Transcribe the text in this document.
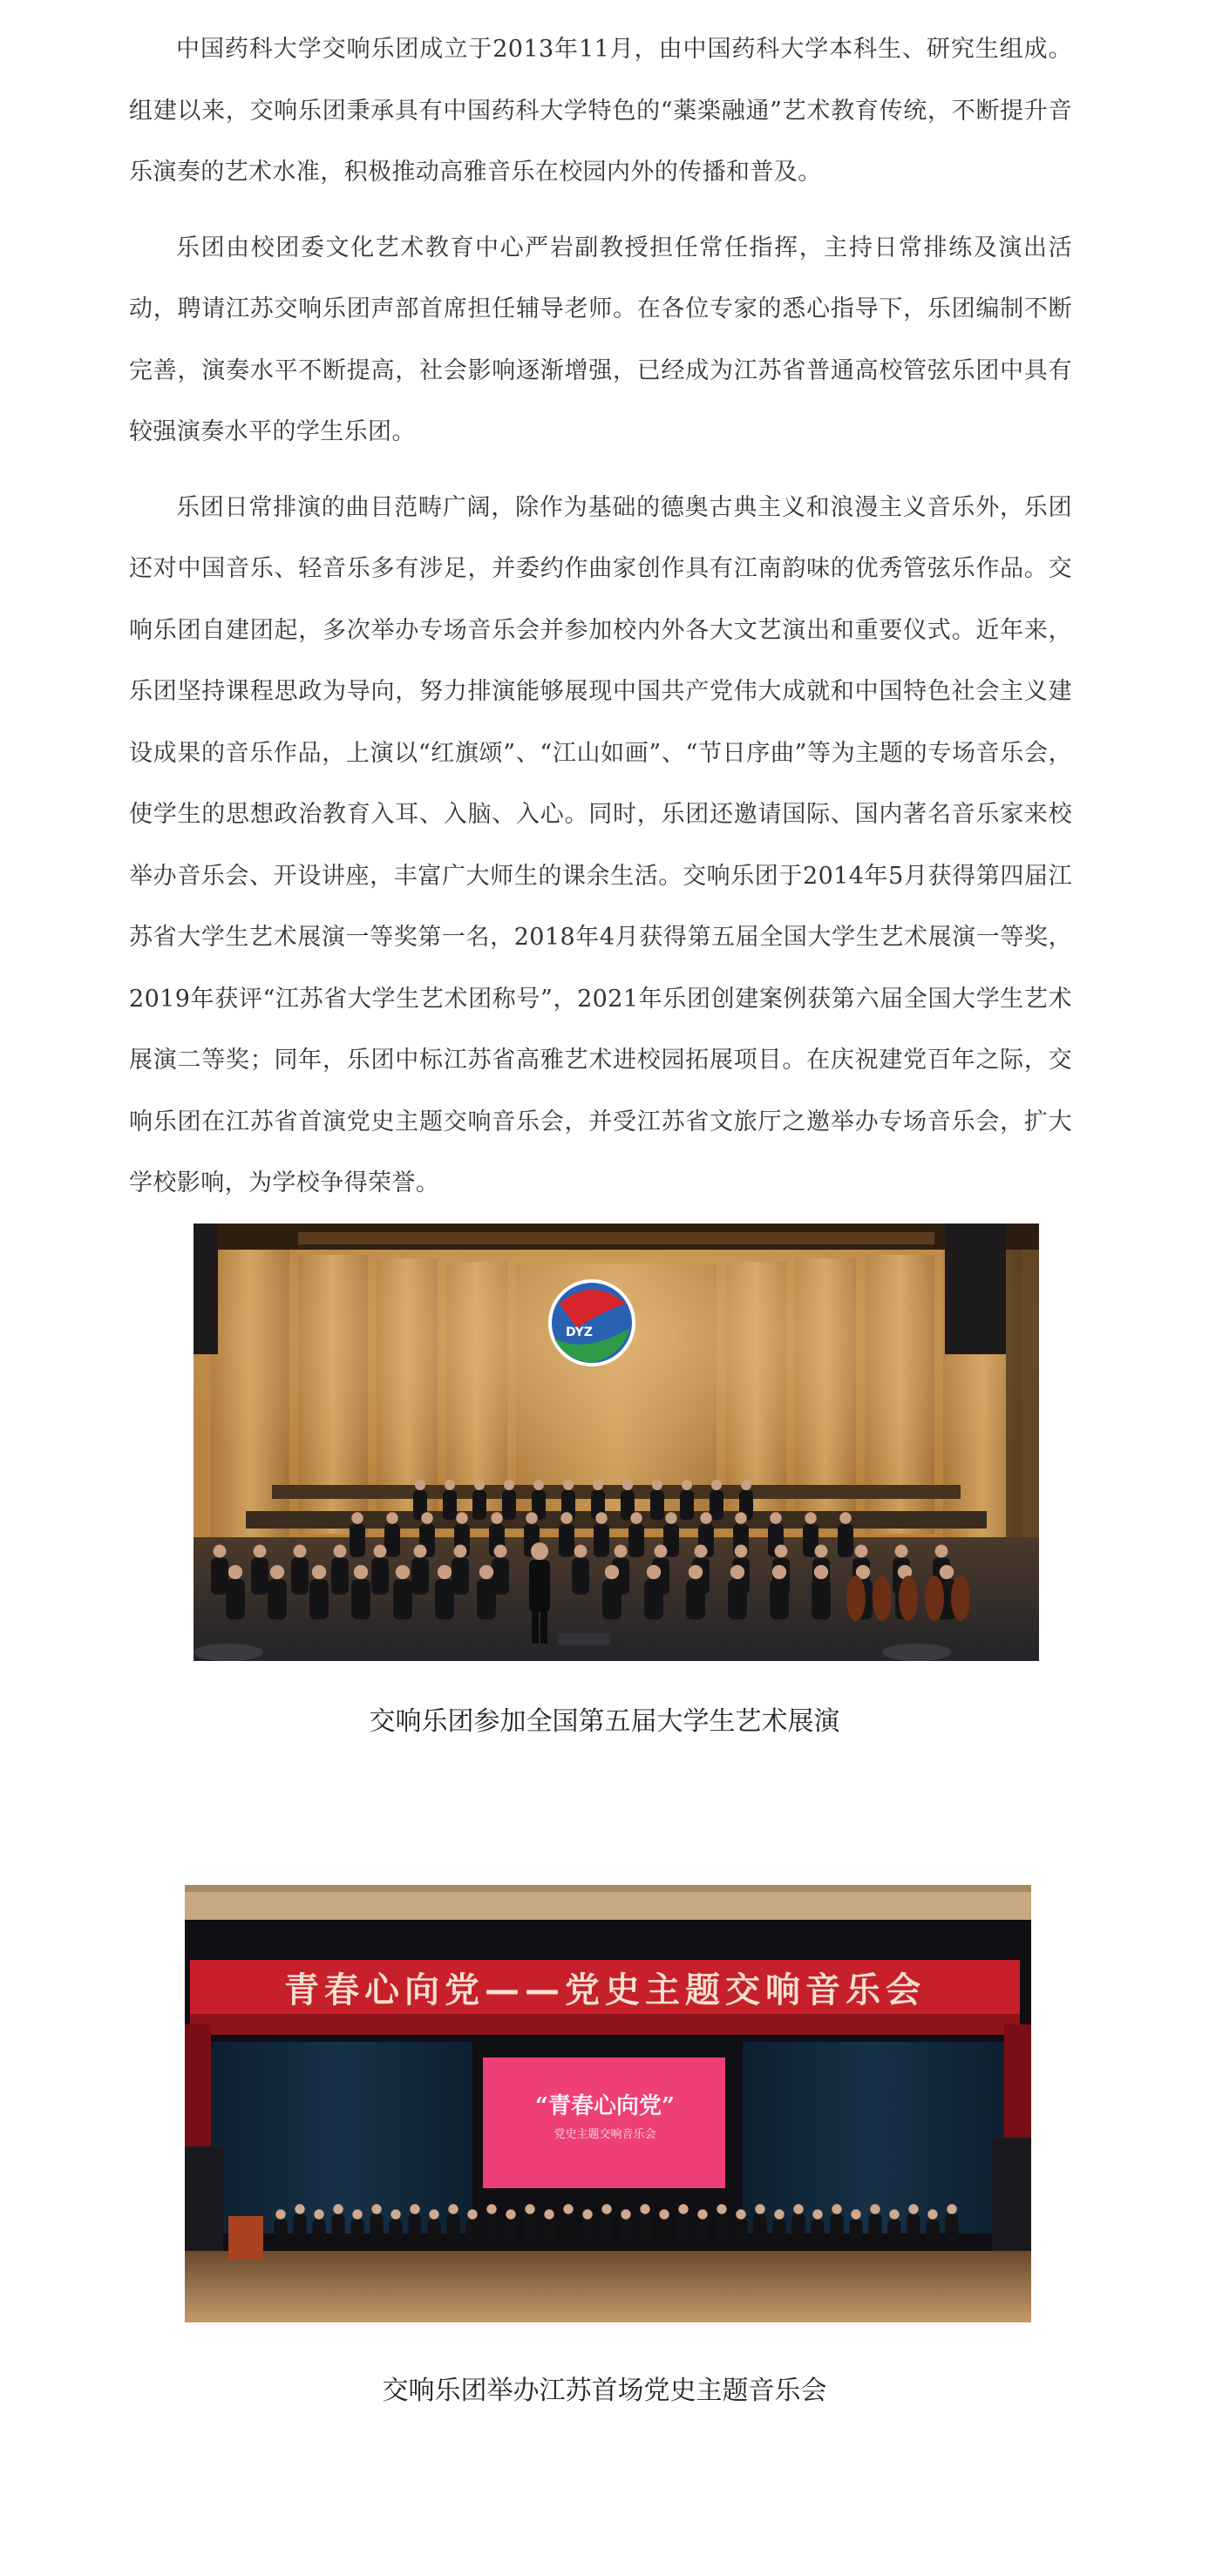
中国药科大学交响乐团成立于2013年11月，由中国药科大学本科生、研究生组成。组建以来，交响乐团秉承具有中国药科大学特色的“薬楽融通”艺术教育传统，不断提升音乐演奏的艺术水准，积极推动高雅音乐在校园内外的传播和普及。

乐团由校团委文化艺术教育中心严岩副教授担任常任指挥，主持日常排练及演出活动，聘请江苏交响乐团声部首席担任辅导老师。在各位专家的悉心指导下，乐团编制不断完善，演奏水平不断提高，社会影响逐渐增强，已经成为江苏省普通高校管弦乐团中具有较强演奏水平的学生乐团。

乐团日常排演的曲目范畴广阔，除作为基础的德奥古典主义和浪漫主义音乐外，乐团还对中国音乐、轻音乐多有涉足，并委约作曲家创作具有江南韵味的优秀管弦乐作品。交响乐团自建团起，多次举办专场音乐会并参加校内外各大文艺演出和重要仪式。近年来，乐团坚持课程思政为导向，努力排演能够展现中国共产党伟大成就和中国特色社会主义建设成果的音乐作品，上演以“红旗颂”、“江山如画”、“节日序曲”等为主题的专场音乐会，使学生的思想政治教育入耳、入脑、入心。同时，乐团还邀请国际、国内著名音乐家来校举办音乐会、开设讲座，丰富广大师生的课余生活。交响乐团于2014年5月获得第四届江苏省大学生艺术展演一等奖第一名，2018年4月获得第五届全国大学生艺术展演一等奖，2019年获评“江苏省大学生艺术团称号”，2021年乐团创建案例获第六届全国大学生艺术展演二等奖；同年，乐团中标江苏省高雅艺术进校园拓展项目。在庆祝建党百年之际，交响乐团在江苏省首演党史主题交响音乐会，并受江苏省文旅厅之邀举办专场音乐会，扩大学校影响，为学校争得荣誉。

DYZ

交响乐团参加全国第五届大学生艺术展演

青春心向党——党史主题交响音乐会
“青春心向党”
党史主题交响音乐会

交响乐团举办江苏首场党史主题音乐会
